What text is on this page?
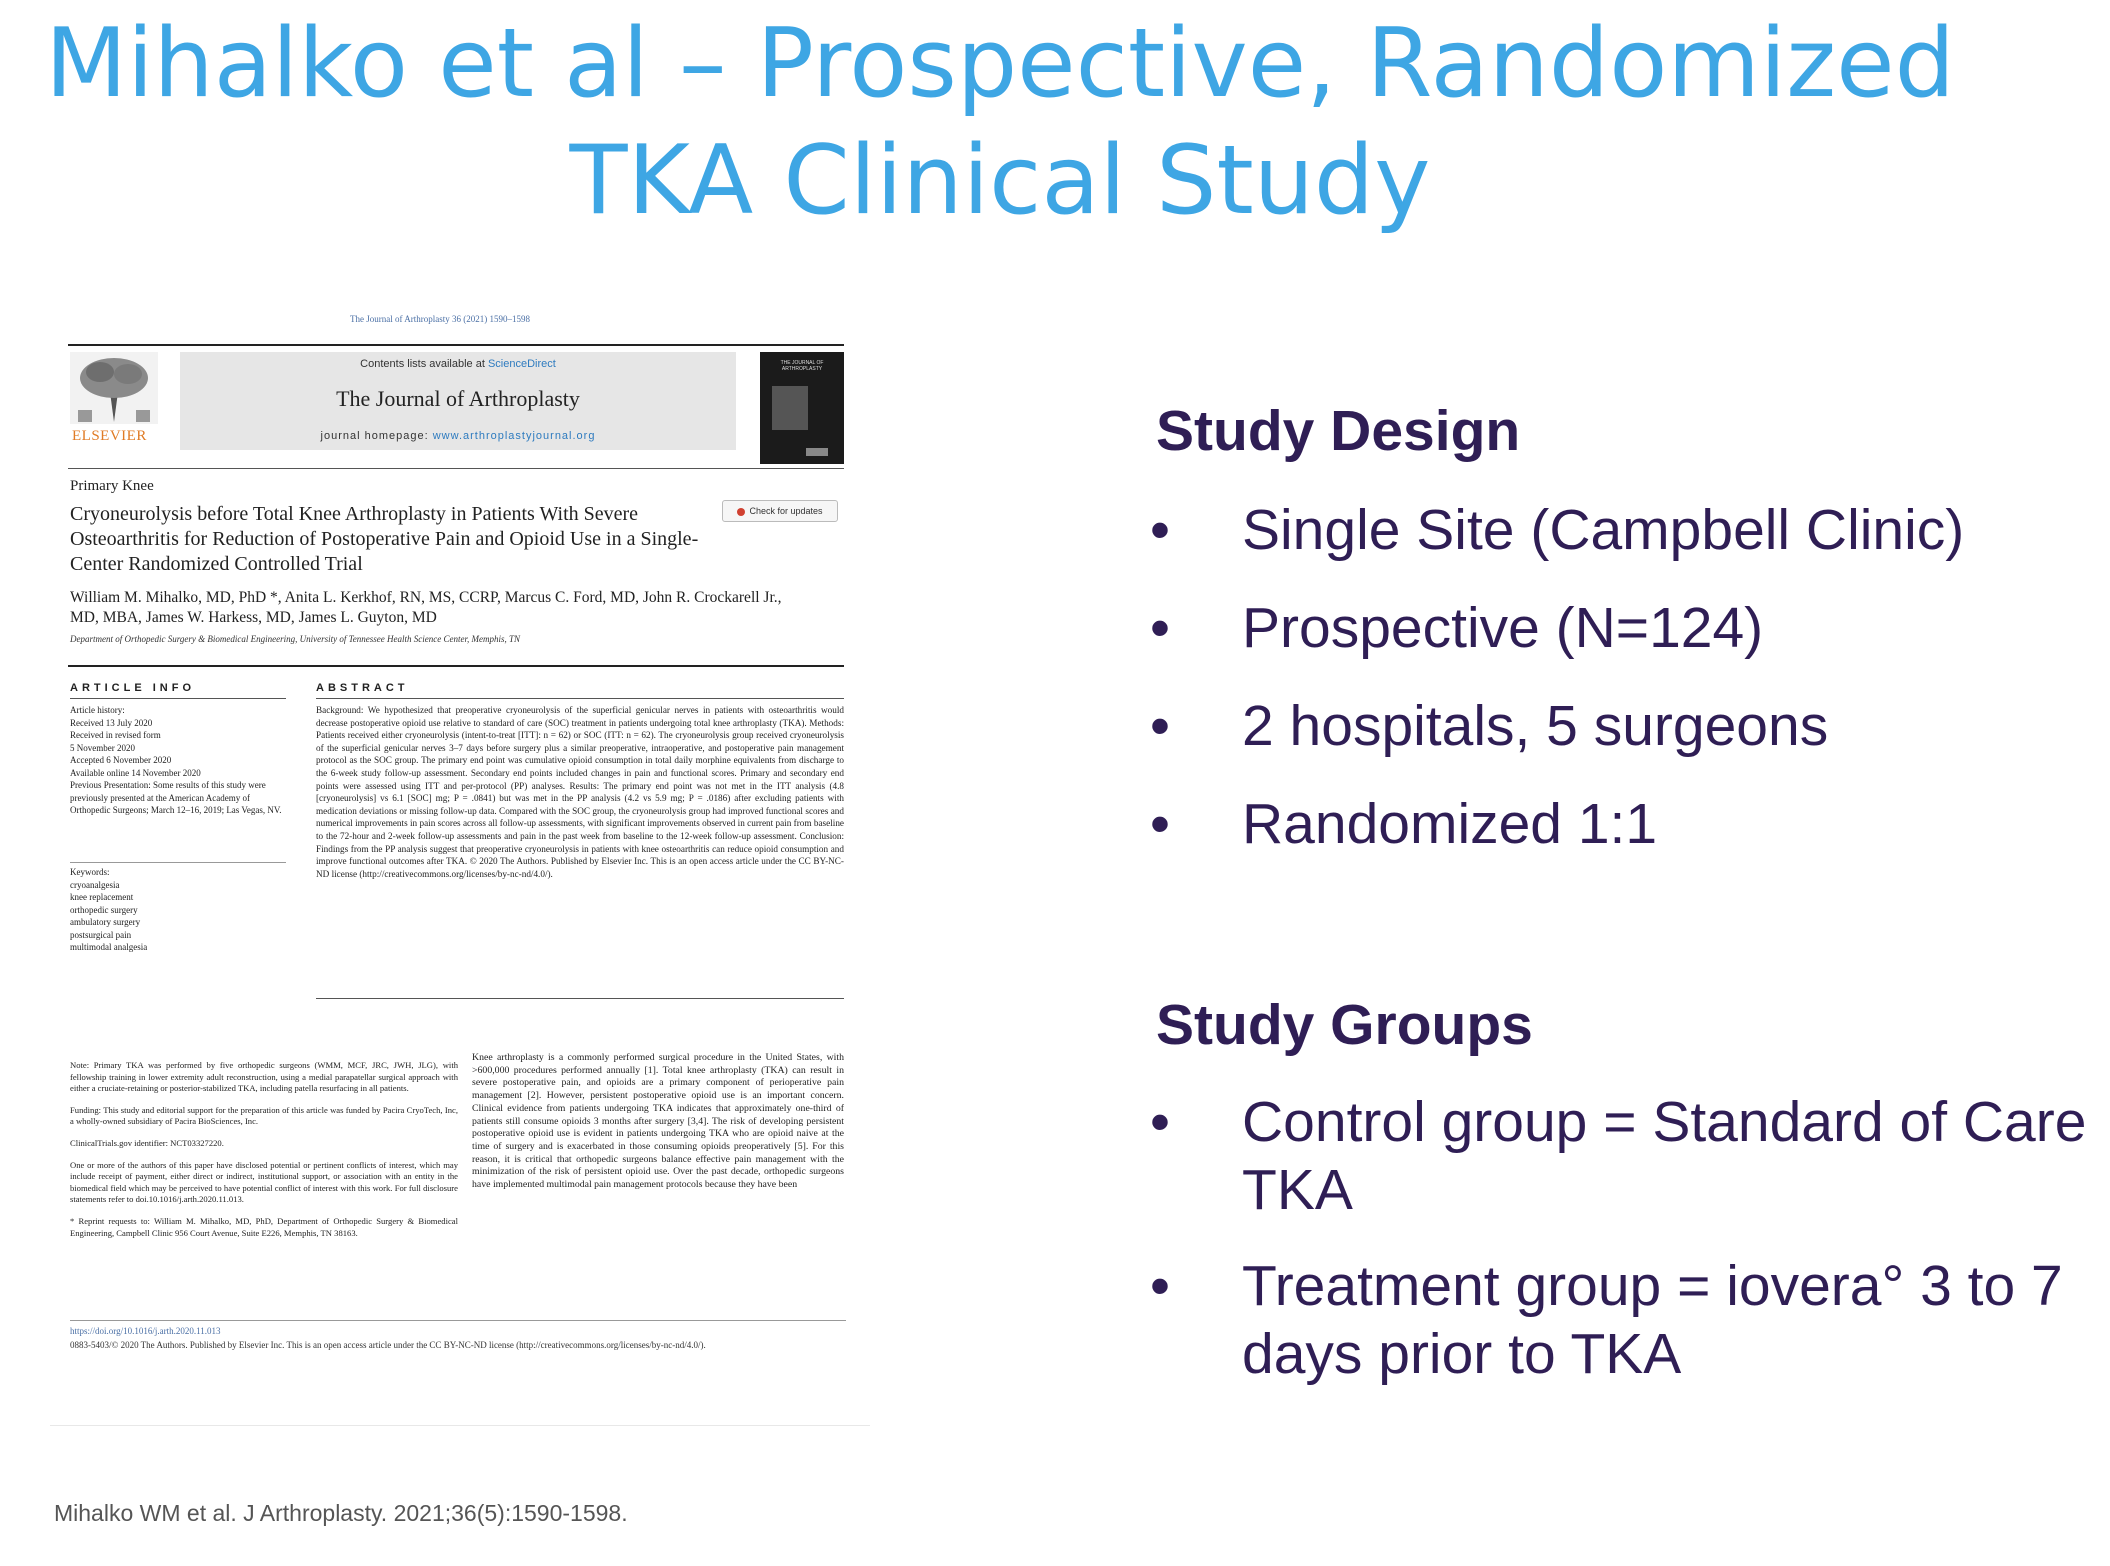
Mihalko et al – Prospective, Randomized
TKA Clinical Study
The Journal of Arthroplasty 36 (2021) 1590–1598
ELSEVIER
Contents lists available at ScienceDirect
The Journal of Arthroplasty
journal homepage: www.arthroplastyjournal.org
THE JOURNAL OF ARTHROPLASTY
Primary Knee
Cryoneurolysis before Total Knee Arthroplasty in Patients With Severe Osteoarthritis for Reduction of Postoperative Pain and Opioid Use in a Single-Center Randomized Controlled Trial
Check for updates
William M. Mihalko, MD, PhD *, Anita L. Kerkhof, RN, MS, CCRP, Marcus C. Ford, MD, John R. Crockarell Jr., MD, MBA, James W. Harkess, MD, James L. Guyton, MD
Department of Orthopedic Surgery & Biomedical Engineering, University of Tennessee Health Science Center, Memphis, TN
ARTICLE INFO	ABSTRACT
Article history:
Received 13 July 2020
Received in revised form
5 November 2020
Accepted 6 November 2020
Available online 14 November 2020
Previous Presentation: Some results of this study were previously presented at the American Academy of Orthopedic Surgeons; March 12–16, 2019; Las Vegas, NV.
Keywords:
cryoanalgesia
knee replacement
orthopedic surgery
ambulatory surgery
postsurgical pain
multimodal analgesia
Background: We hypothesized that preoperative cryoneurolysis of the superficial genicular nerves in patients with osteoarthritis would decrease postoperative opioid use relative to standard of care (SOC) treatment in patients undergoing total knee arthroplasty (TKA). Methods: Patients received either cryoneurolysis (intent-to-treat [ITT]: n = 62) or SOC (ITT: n = 62). The cryoneurolysis group received cryoneurolysis of the superficial genicular nerves 3–7 days before surgery plus a similar preoperative, intraoperative, and postoperative pain management protocol as the SOC group. The primary end point was cumulative opioid consumption in total daily morphine equivalents from discharge to the 6-week study follow-up assessment. Secondary end points included changes in pain and functional scores. Primary and secondary end points were assessed using ITT and per-protocol (PP) analyses. Results: The primary end point was not met in the ITT analysis (4.8 [cryoneurolysis] vs 6.1 [SOC] mg; P = .0841) but was met in the PP analysis (4.2 vs 5.9 mg; P = .0186) after excluding patients with medication deviations or missing follow-up data. Compared with the SOC group, the cryoneurolysis group had improved functional scores and numerical improvements in pain scores across all follow-up assessments, with significant improvements observed in current pain from baseline to the 72-hour and 2-week follow-up assessments and pain in the past week from baseline to the 12-week follow-up assessment. Conclusion: Findings from the PP analysis suggest that preoperative cryoneurolysis in patients with knee osteoarthritis can reduce opioid consumption and improve functional outcomes after TKA. © 2020 The Authors. Published by Elsevier Inc. This is an open access article under the CC BY-NC-ND license (http://creativecommons.org/licenses/by-nc-nd/4.0/).

Note: Primary TKA was performed by five orthopedic surgeons (WMM, MCF, JRC, JWH, JLG), with fellowship training in lower extremity adult reconstruction, using a medial parapatellar surgical approach with either a cruciate-retaining or posterior-stabilized TKA, including patella resurfacing in all patients.

Funding: This study and editorial support for the preparation of this article was funded by Pacira CryoTech, Inc, a wholly-owned subsidiary of Pacira BioSciences, Inc.

ClinicalTrials.gov identifier: NCT03327220.

One or more of the authors of this paper have disclosed potential or pertinent conflicts of interest, which may include receipt of payment, either direct or indirect, institutional support, or association with an entity in the biomedical field which may be perceived to have potential conflict of interest with this work. For full disclosure statements refer to doi.10.1016/j.arth.2020.11.013.

* Reprint requests to: William M. Mihalko, MD, PhD, Department of Orthopedic Surgery & Biomedical Engineering, Campbell Clinic 956 Court Avenue, Suite E226, Memphis, TN 38163.

Knee arthroplasty is a commonly performed surgical procedure in the United States, with >600,000 procedures performed annually [1]. Total knee arthroplasty (TKA) can result in severe postoperative pain, and opioids are a primary component of perioperative pain management [2]. However, persistent postoperative opioid use is an important concern. Clinical evidence from patients undergoing TKA indicates that approximately one-third of patients still consume opioids 3 months after surgery [3,4]. The risk of developing persistent postoperative opioid use is evident in patients undergoing TKA who are opioid naive at the time of surgery and is exacerbated in those consuming opioids preoperatively [5]. For this reason, it is critical that orthopedic surgeons balance effective pain management with the minimization of the risk of persistent opioid use. Over the past decade, orthopedic surgeons have implemented multimodal pain management protocols because they have been
https://doi.org/10.1016/j.arth.2020.11.013
0883-5403/© 2020 The Authors. Published by Elsevier Inc. This is an open access article under the CC BY-NC-ND license (http://creativecommons.org/licenses/by-nc-nd/4.0/).
Study Design
•	Single Site (Campbell Clinic)
•	Prospective (N=124)
•	2 hospitals, 5 surgeons
•	Randomized 1:1
Study Groups
•	Control group = Standard of Care TKA
•	Treatment group = iovera° 3 to 7 days prior to TKA
Mihalko WM et al. J Arthroplasty. 2021;36(5):1590-1598.
